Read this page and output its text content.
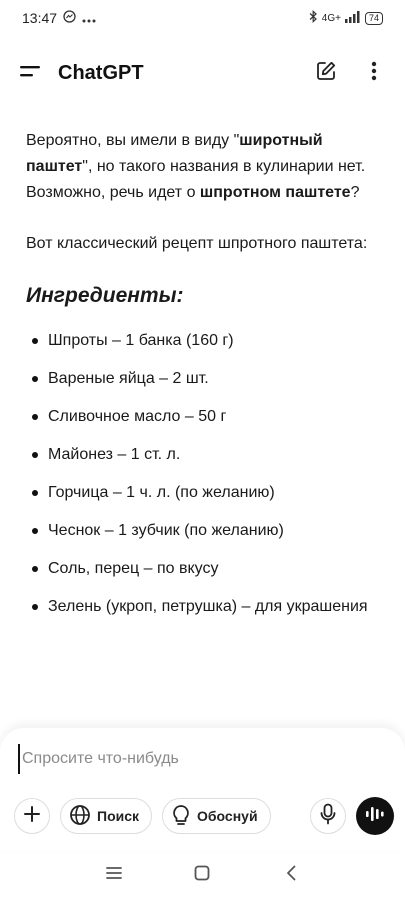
13:47	4G+	74
ChatGPT

Вероятно, вы имели в виду "широтный паштет", но такого названия в кулинарии нет. Возможно, речь идет о шпротном паштете?

Вот классический рецепт шпротного паштета:

Ингредиенты:
Шпроты – 1 банка (160 г)
Вареные яйца – 2 шт.
Сливочное масло – 50 г
Майонез – 1 ст. л.
Горчица – 1 ч. л. (по желанию)
Чеснок – 1 зубчик (по желанию)
Соль, перец – по вкусу
Зелень (укроп, петрушка) – для украшения
Спросите что-нибудь
Поиск	Обоснуй
